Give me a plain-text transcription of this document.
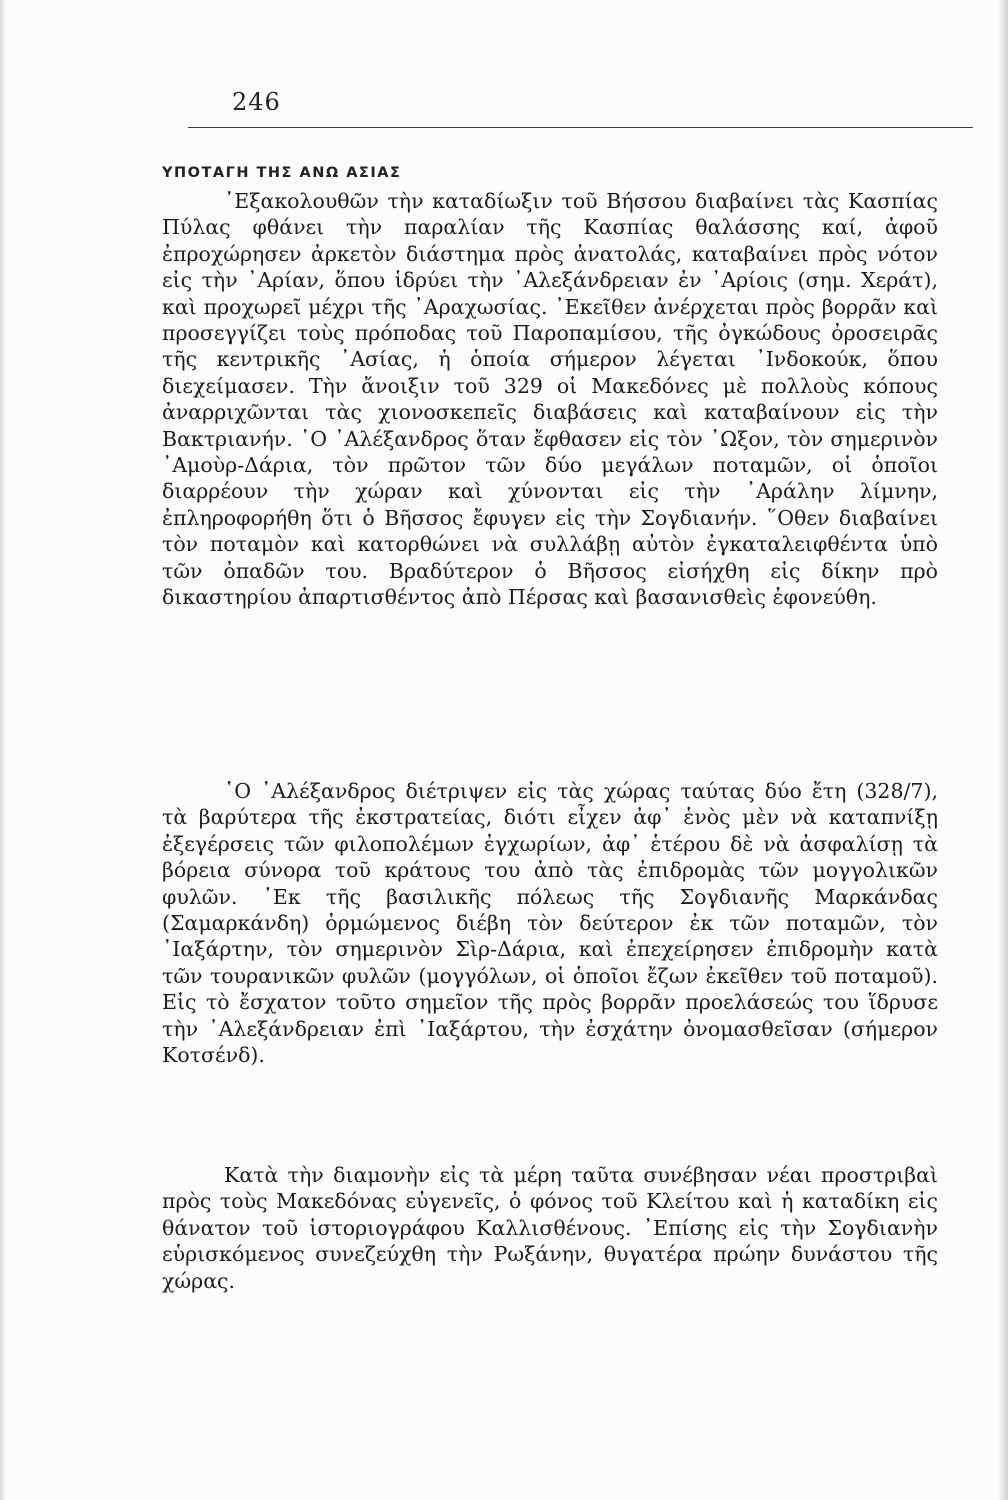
246
ΥΠΟΤΑΓΗ ΤΗΣ ΑΝΩ ΑΣΙΑΣ

᾿Εξακολουθῶν τὴν καταδίωξιν τοῦ Βήσσου διαβαίνει τὰς Κασπίας Πύλας φθάνει τὴν παραλίαν τῆς Κασπίας θαλάσσης καί, ἀφοῦ ἐπροχώρησεν ἀρκετὸν διάστημα πρὸς ἀνατολάς, καταβαίνει πρὸς νότον εἰς τὴν ᾿Αρίαν, ὅπου ἱδρύει τὴν ᾿Αλεξάνδρειαν ἐν ᾿Αρίοις (σημ. Χεράτ), καὶ προχωρεῖ μέχρι τῆς ᾿Αραχωσίας. ᾿Εκεῖθεν ἀνέρχεται πρὸς βορρᾶν καὶ προσεγγίζει τοὺς πρόποδας τοῦ Παροπαμίσου, τῆς ὀγκώδους ὀροσειρᾶς τῆς κεντρικῆς ᾿Ασίας, ἡ ὁποία σήμερον λέγεται ᾿Ινδοκούκ, ὅπου διεχείμασεν. Τὴν ἄνοιξιν τοῦ 329 οἱ Μακεδόνες μὲ πολλοὺς κόπους ἀναρριχῶνται τὰς χιονοσκεπεῖς διαβάσεις καὶ καταβαίνουν εἰς τὴν Βακτριανήν. ῾Ο ᾿Αλέξανδρος ὅταν ἔφθασεν εἰς τὸν ᾿Ωξον, τὸν σημερινὸν ᾿Αμοὺρ-Δάρια, τὸν πρῶτον τῶν δύο μεγάλων ποταμῶν, οἱ ὁποῖοι διαρρέουν τὴν χώραν καὶ χύνονται εἰς τὴν ᾿Αράλην λίμνην, ἐπληροφορήθη ὅτι ὁ Βῆσσος ἔφυγεν εἰς τὴν Σογδιανήν. ῞Οθεν διαβαίνει τὸν ποταμὸν καὶ κατορθώνει νὰ συλλάβῃ αὐτὸν ἐγκαταλειφθέντα ὑπὸ τῶν ὀπαδῶν του. Βραδύτερον ὁ Βῆσσος εἰσήχθη εἰς δίκην πρὸ δικαστηρίου ἀπαρτισθέντος ἀπὸ Πέρσας καὶ βασανισθεὶς ἐφονεύθη.

῾Ο ᾿Αλέξανδρος διέτριψεν εἰς τὰς χώρας ταύτας δύο ἔτη (328/7), τὰ βαρύτερα τῆς ἐκστρατείας, διότι εἶχεν ἀφ᾿ ἑνὸς μὲν νὰ καταπνίξῃ ἐξεγέρσεις τῶν φιλοπολέμων ἐγχωρίων, ἀφ᾿ ἑτέρου δὲ νὰ ἀσφαλίσῃ τὰ βόρεια σύνορα τοῦ κράτους του ἀπὸ τὰς ἐπιδρομὰς τῶν μογγολικῶν φυλῶν. ᾿Εκ τῆς βασιλικῆς πόλεως τῆς Σογδιανῆς Μαρκάνδας (Σαμαρκάνδη) ὁρμώμενος διέβη τὸν δεύτερον ἐκ τῶν ποταμῶν, τὸν ᾿Ιαξάρτην, τὸν σημερινὸν Σὶρ-Δάρια, καὶ ἐπεχείρησεν ἐπιδρομὴν κατὰ τῶν τουρανικῶν φυλῶν (μογγόλων, οἱ ὁποῖοι ἔζων ἐκεῖθεν τοῦ ποταμοῦ). Εἰς τὸ ἔσχατον τοῦτο σημεῖον τῆς πρὸς βορρᾶν προελάσεώς του ἵδρυσε τὴν ᾿Αλεξάνδρειαν ἐπὶ ᾿Ιαξάρτου, τὴν ἐσχάτην ὀνομασθεῖσαν (σήμερον Κοτσένδ).

Κατὰ τὴν διαμονὴν εἰς τὰ μέρη ταῦτα συνέβησαν νέαι προστριβαὶ πρὸς τοὺς Μακεδόνας εὐγενεῖς, ὁ φόνος τοῦ Κλείτου καὶ ἡ καταδίκη εἰς θάνατον τοῦ ἱστοριογράφου Καλλισθένους. ᾿Επίσης εἰς τὴν Σογδιανὴν εὑρισκόμενος συνεζεύχθη τὴν Ρωξάνην, θυγατέρα πρώην δυνάστου τῆς χώρας.
